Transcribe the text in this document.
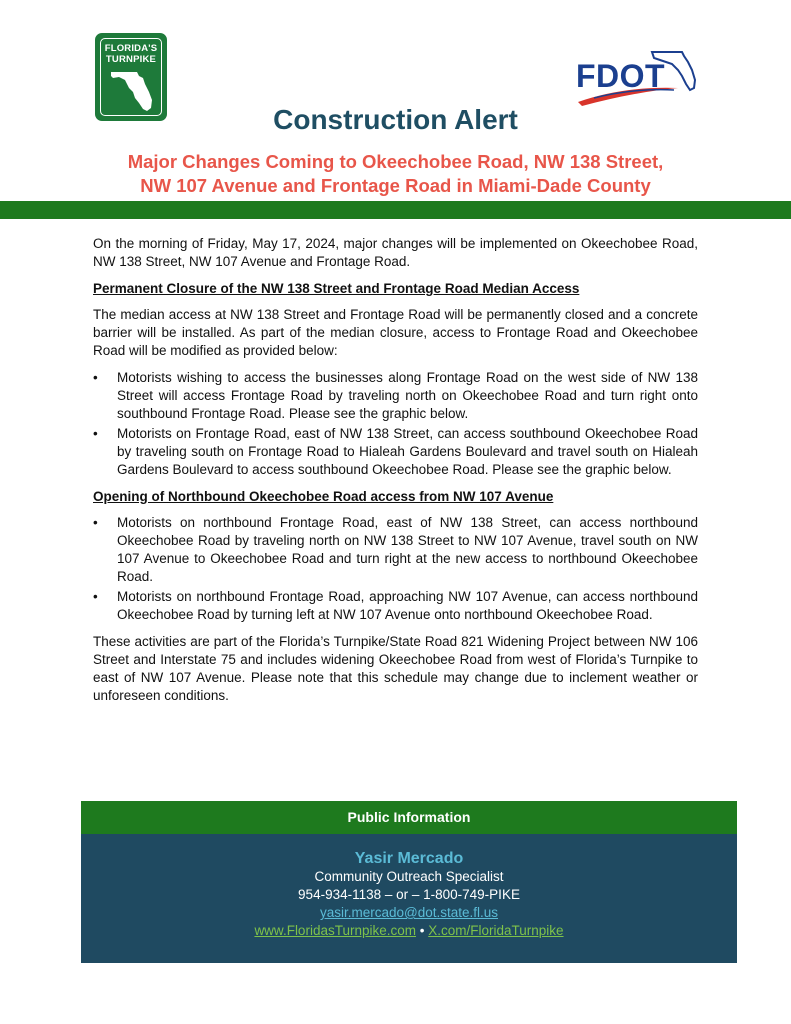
FLORIDA'S
TURNPIKE	FDOT
Construction Alert
Major Changes Coming to Okeechobee Road, NW 138 Street,
NW 107 Avenue and Frontage Road in Miami-Dade County

On the morning of Friday, May 17, 2024, major changes will be implemented on Okeechobee Road, NW 138 Street, NW 107 Avenue and Frontage Road.

Permanent Closure of the NW 138 Street and Frontage Road Median Access

The median access at NW 138 Street and Frontage Road will be permanently closed and a concrete barrier will be installed. As part of the median closure, access to Frontage Road and Okeechobee Road will be modified as provided below:

• Motorists wishing to access the businesses along Frontage Road on the west side of NW 138 Street will access Frontage Road by traveling north on Okeechobee Road and turn right onto southbound Frontage Road. Please see the graphic below.
• Motorists on Frontage Road, east of NW 138 Street, can access southbound Okeechobee Road by traveling south on Frontage Road to Hialeah Gardens Boulevard and travel south on Hialeah Gardens Boulevard to access southbound Okeechobee Road. Please see the graphic below.
Opening of Northbound Okeechobee Road access from NW 107 Avenue
• Motorists on northbound Frontage Road, east of NW 138 Street, can access northbound Okeechobee Road by traveling north on NW 138 Street to NW 107 Avenue, travel south on NW 107 Avenue to Okeechobee Road and turn right at the new access to northbound Okeechobee Road.
• Motorists on northbound Frontage Road, approaching NW 107 Avenue, can access northbound Okeechobee Road by turning left at NW 107 Avenue onto northbound Okeechobee Road.

These activities are part of the Florida’s Turnpike/State Road 821 Widening Project between NW 106 Street and Interstate 75 and includes widening Okeechobee Road from west of Florida’s Turnpike to east of NW 107 Avenue. Please note that this schedule may change due to inclement weather or unforeseen conditions.

Public Information
Yasir Mercado
Community Outreach Specialist
954-934-1138 – or – 1-800-749-PIKE
yasir.mercado@dot.state.fl.us
www.FloridasTurnpike.com • X.com/FloridaTurnpike
